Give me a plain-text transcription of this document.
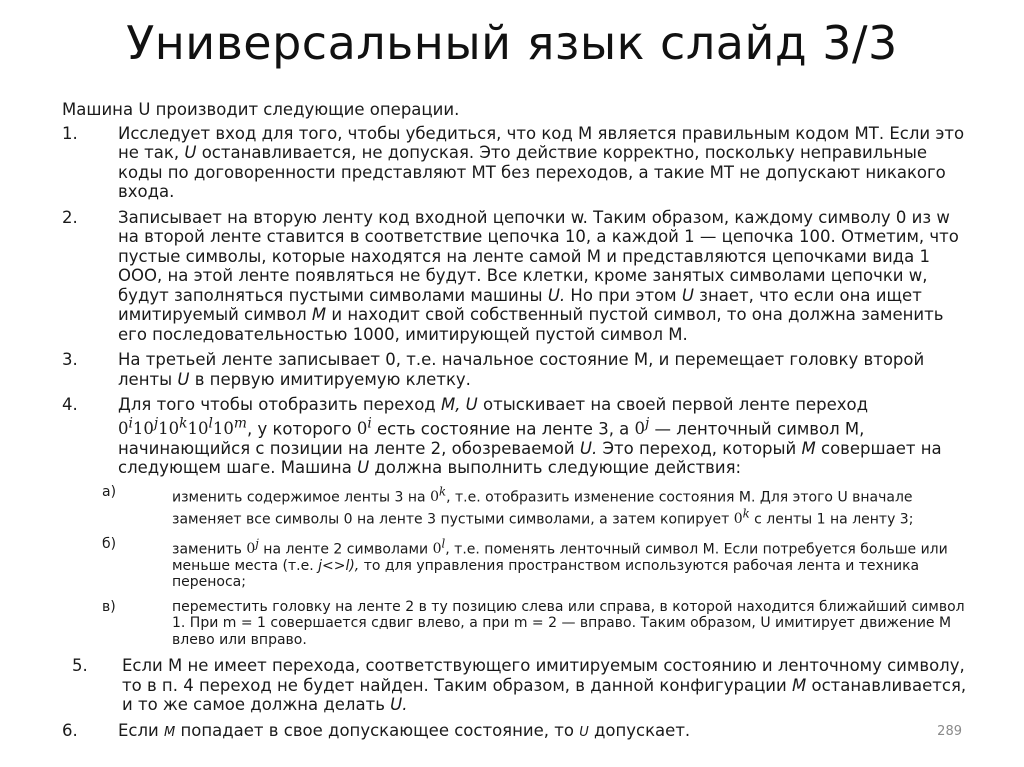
Универсальный язык слайд 3/3
Машина U производит следующие операции.
1.	Исследует вход для того, чтобы убедиться, что код M является правильным кодом МТ. Если это не так, U останавливается, не допуская. Это действие корректно, поскольку неправильные коды по договоренности представляют МТ без переходов, а такие МТ не допускают никакого входа.
2.	Записывает на вторую ленту код входной цепочки w. Таким образом, каждому символу 0 из w на второй ленте ставится в соответствие цепочка 10, а каждой 1 — цепочка 100. Отметим, что пустые символы, которые находятся на ленте самой M и представляются цепочками вида 1 OOO, на этой ленте появляться не будут. Все клетки, кроме занятых символами цепочки w, будут заполняться пустыми символами машины U. Но при этом U знает, что если она ищет имитируемый символ M и находит свой собственный пустой символ, то она должна заменить его последовательностью 1000, имитирующей пустой символ M.
3.	На третьей ленте записывает 0, т.е. начальное состояние M, и перемещает головку второй ленты U в первую имитируемую клетку.
4.	Для того чтобы отобразить переход M, U отыскивает на своей первой ленте переход 0$^i$10$^j$10$^k$10$^l$10$^m$, у которого 0$^i$ есть состояние на ленте 3, а 0$^j$ — ленточный символ M, начинающийся с позиции на ленте 2, обозреваемой U. Это переход, который M совершает на следующем шаге. Машина U должна выполнить следующие действия:
а)	изменить содержимое ленты 3 на 0$^k$, т.е. отобразить изменение состояния M. Для этого U вначале заменяет все символы 0 на ленте 3 пустыми символами, а затем копирует 0$^k$ с ленты 1 на ленту 3;
б)	заменить 0$^j$ на ленте 2 символами 0$^l$, т.е. поменять ленточный символ M. Если потребуется больше или меньше места (т.е. j<>l), то для управления пространством используются рабочая лента и техника переноса;
в)	переместить головку на ленте 2 в ту позицию слева или справа, в которой находится ближайший символ 1. При m = 1 совершается сдвиг влево, а при m = 2 — вправо. Таким образом, U имитирует движение M влево или вправо.
5.	Если M не имеет перехода, соответствующего имитируемым состоянию и ленточному символу, то в п. 4 переход не будет найден. Таким образом, в данной конфигурации M останавливается, и то же самое должна делать U.
6.	Если M попадает в свое допускающее состояние, то U допускает.	289
